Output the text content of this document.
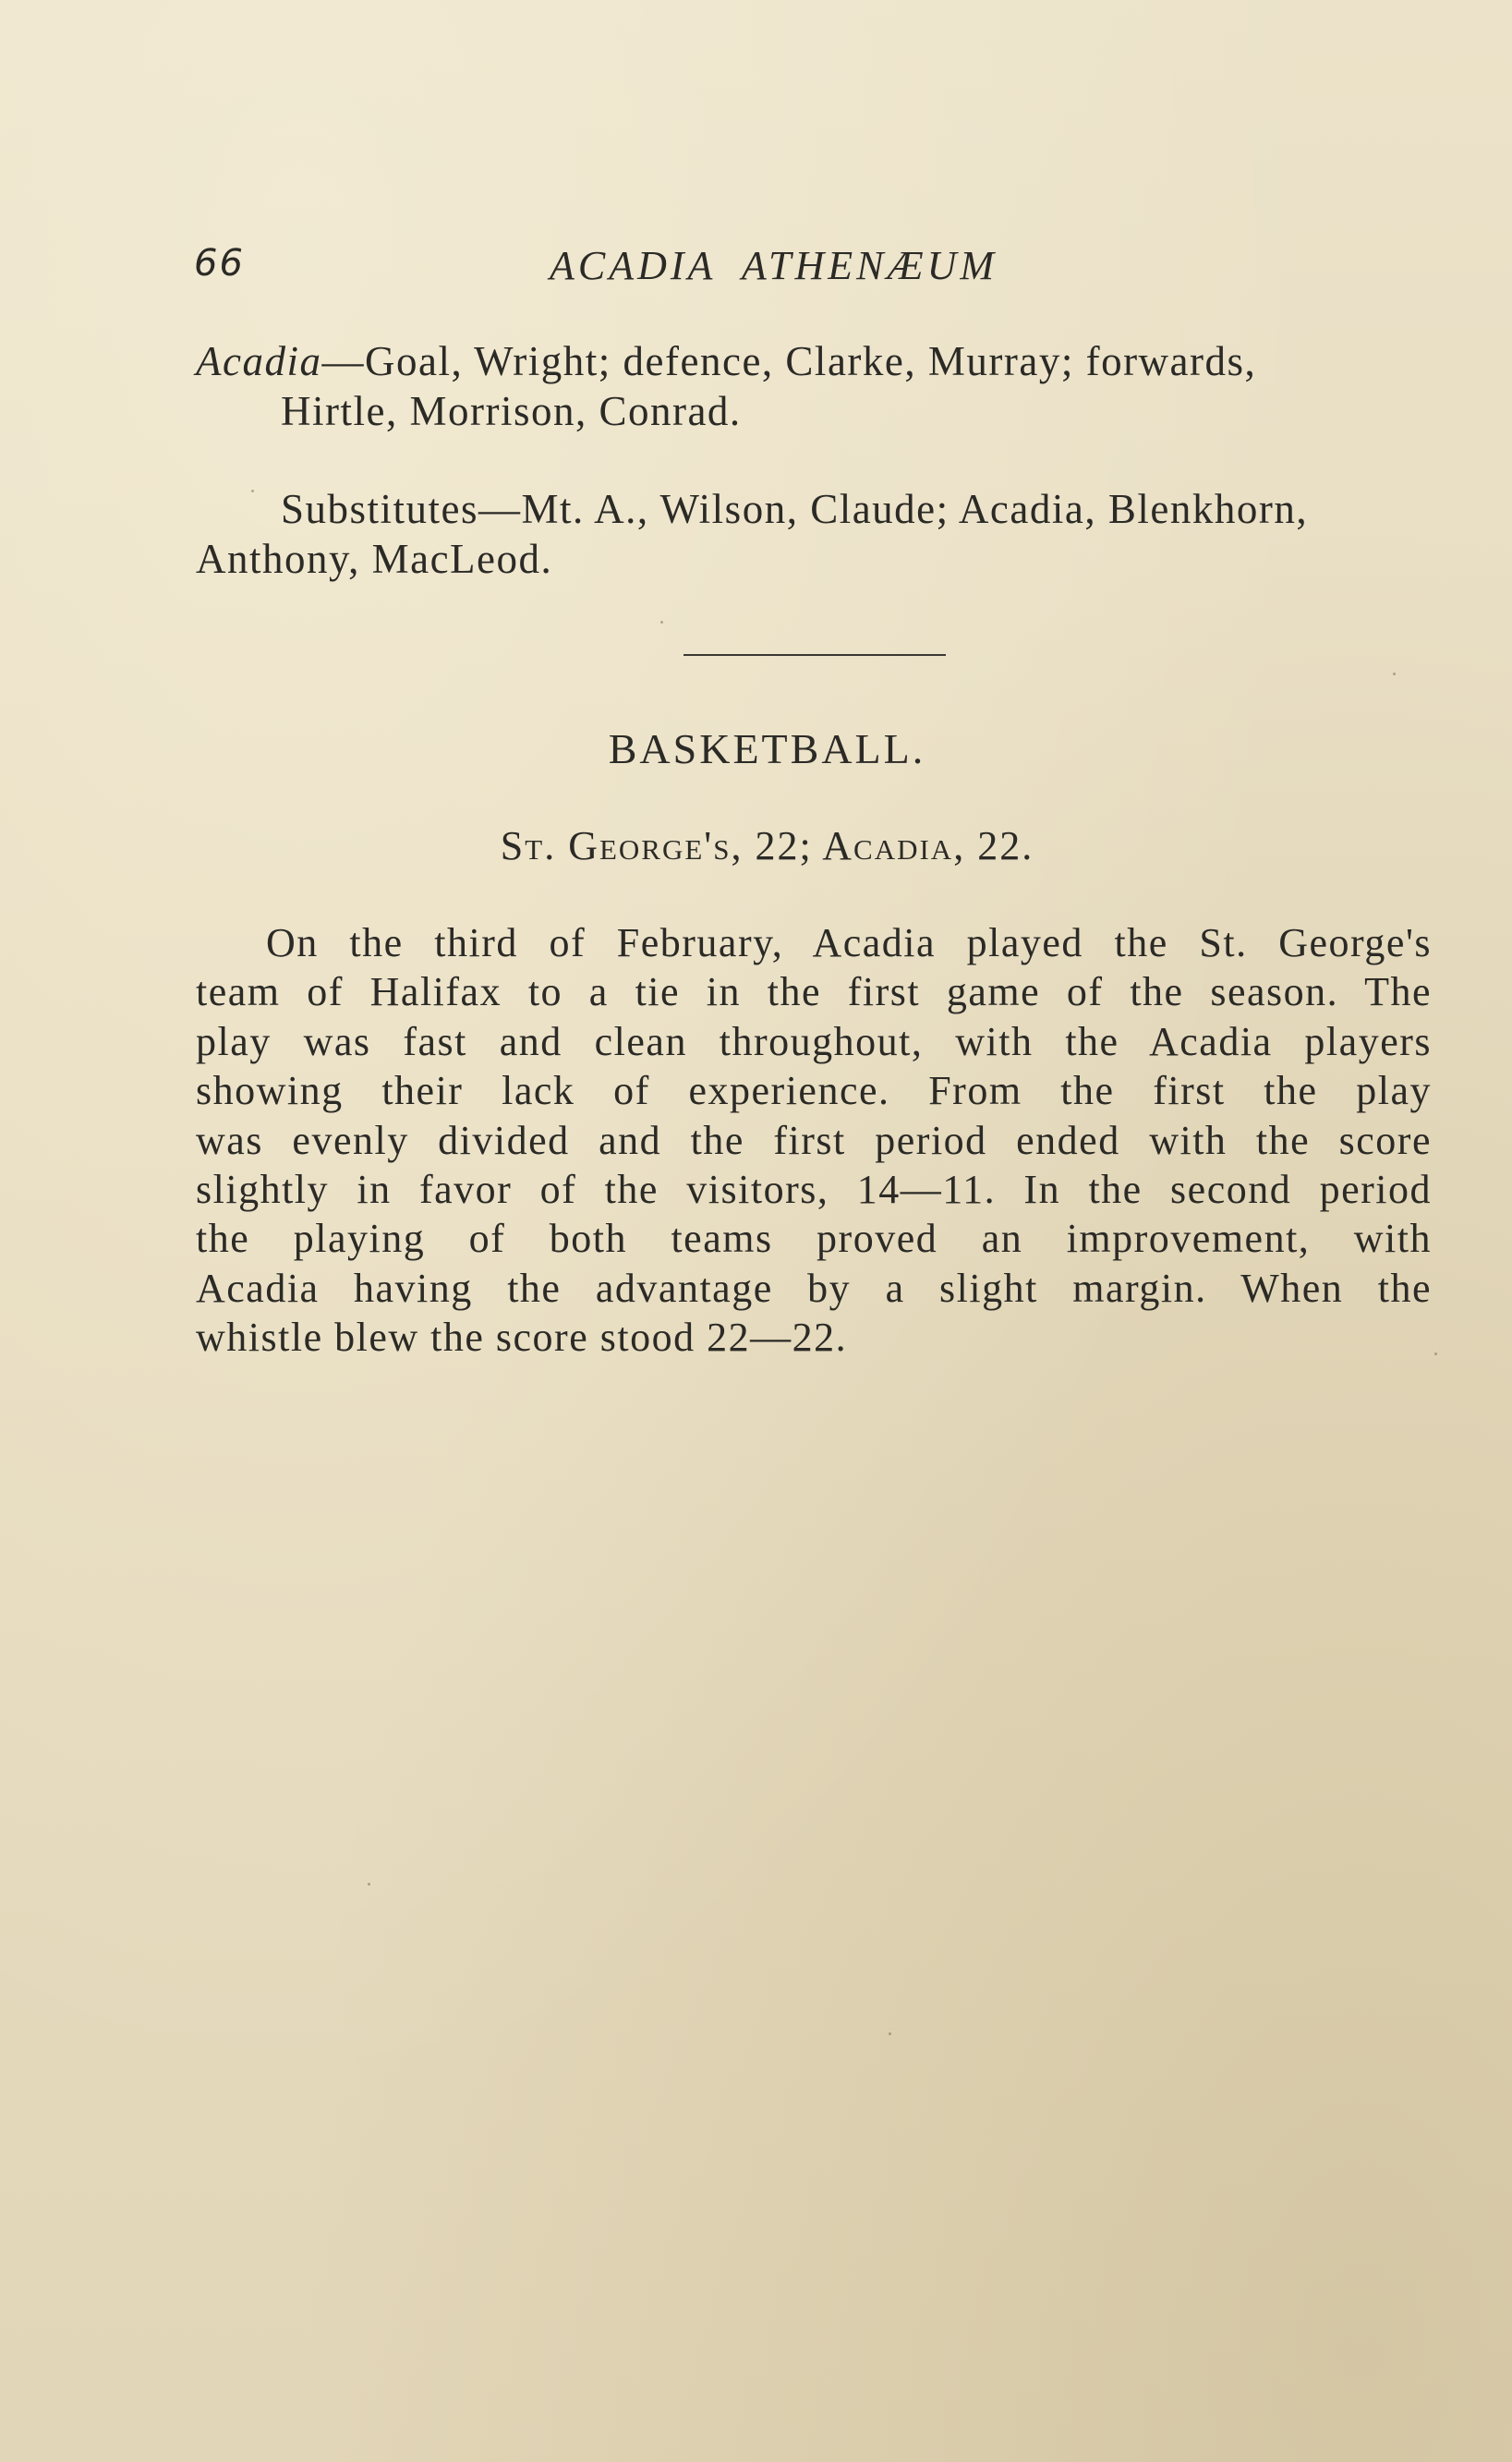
66	ACADIA ATHENÆUM
Acadia—Goal, Wright; defence, Clarke, Murray; forwards,
Hirtle, Morrison, Conrad.
Substitutes—Mt. A., Wilson, Claude; Acadia, Blenkhorn,
Anthony, MacLeod.
BASKETBALL.
St. George's, 22; Acadia, 22.
On the third of February, Acadia played the St. George's
team of Halifax to a tie in the first game of the season. The
play was fast and clean throughout, with the Acadia players
showing their lack of experience. From the first the play
was evenly divided and the first period ended with the score
slightly in favor of the visitors, 14—11. In the second period
the playing of both teams proved an improvement, with
Acadia having the advantage by a slight margin. When the
whistle blew the score stood 22—22.
